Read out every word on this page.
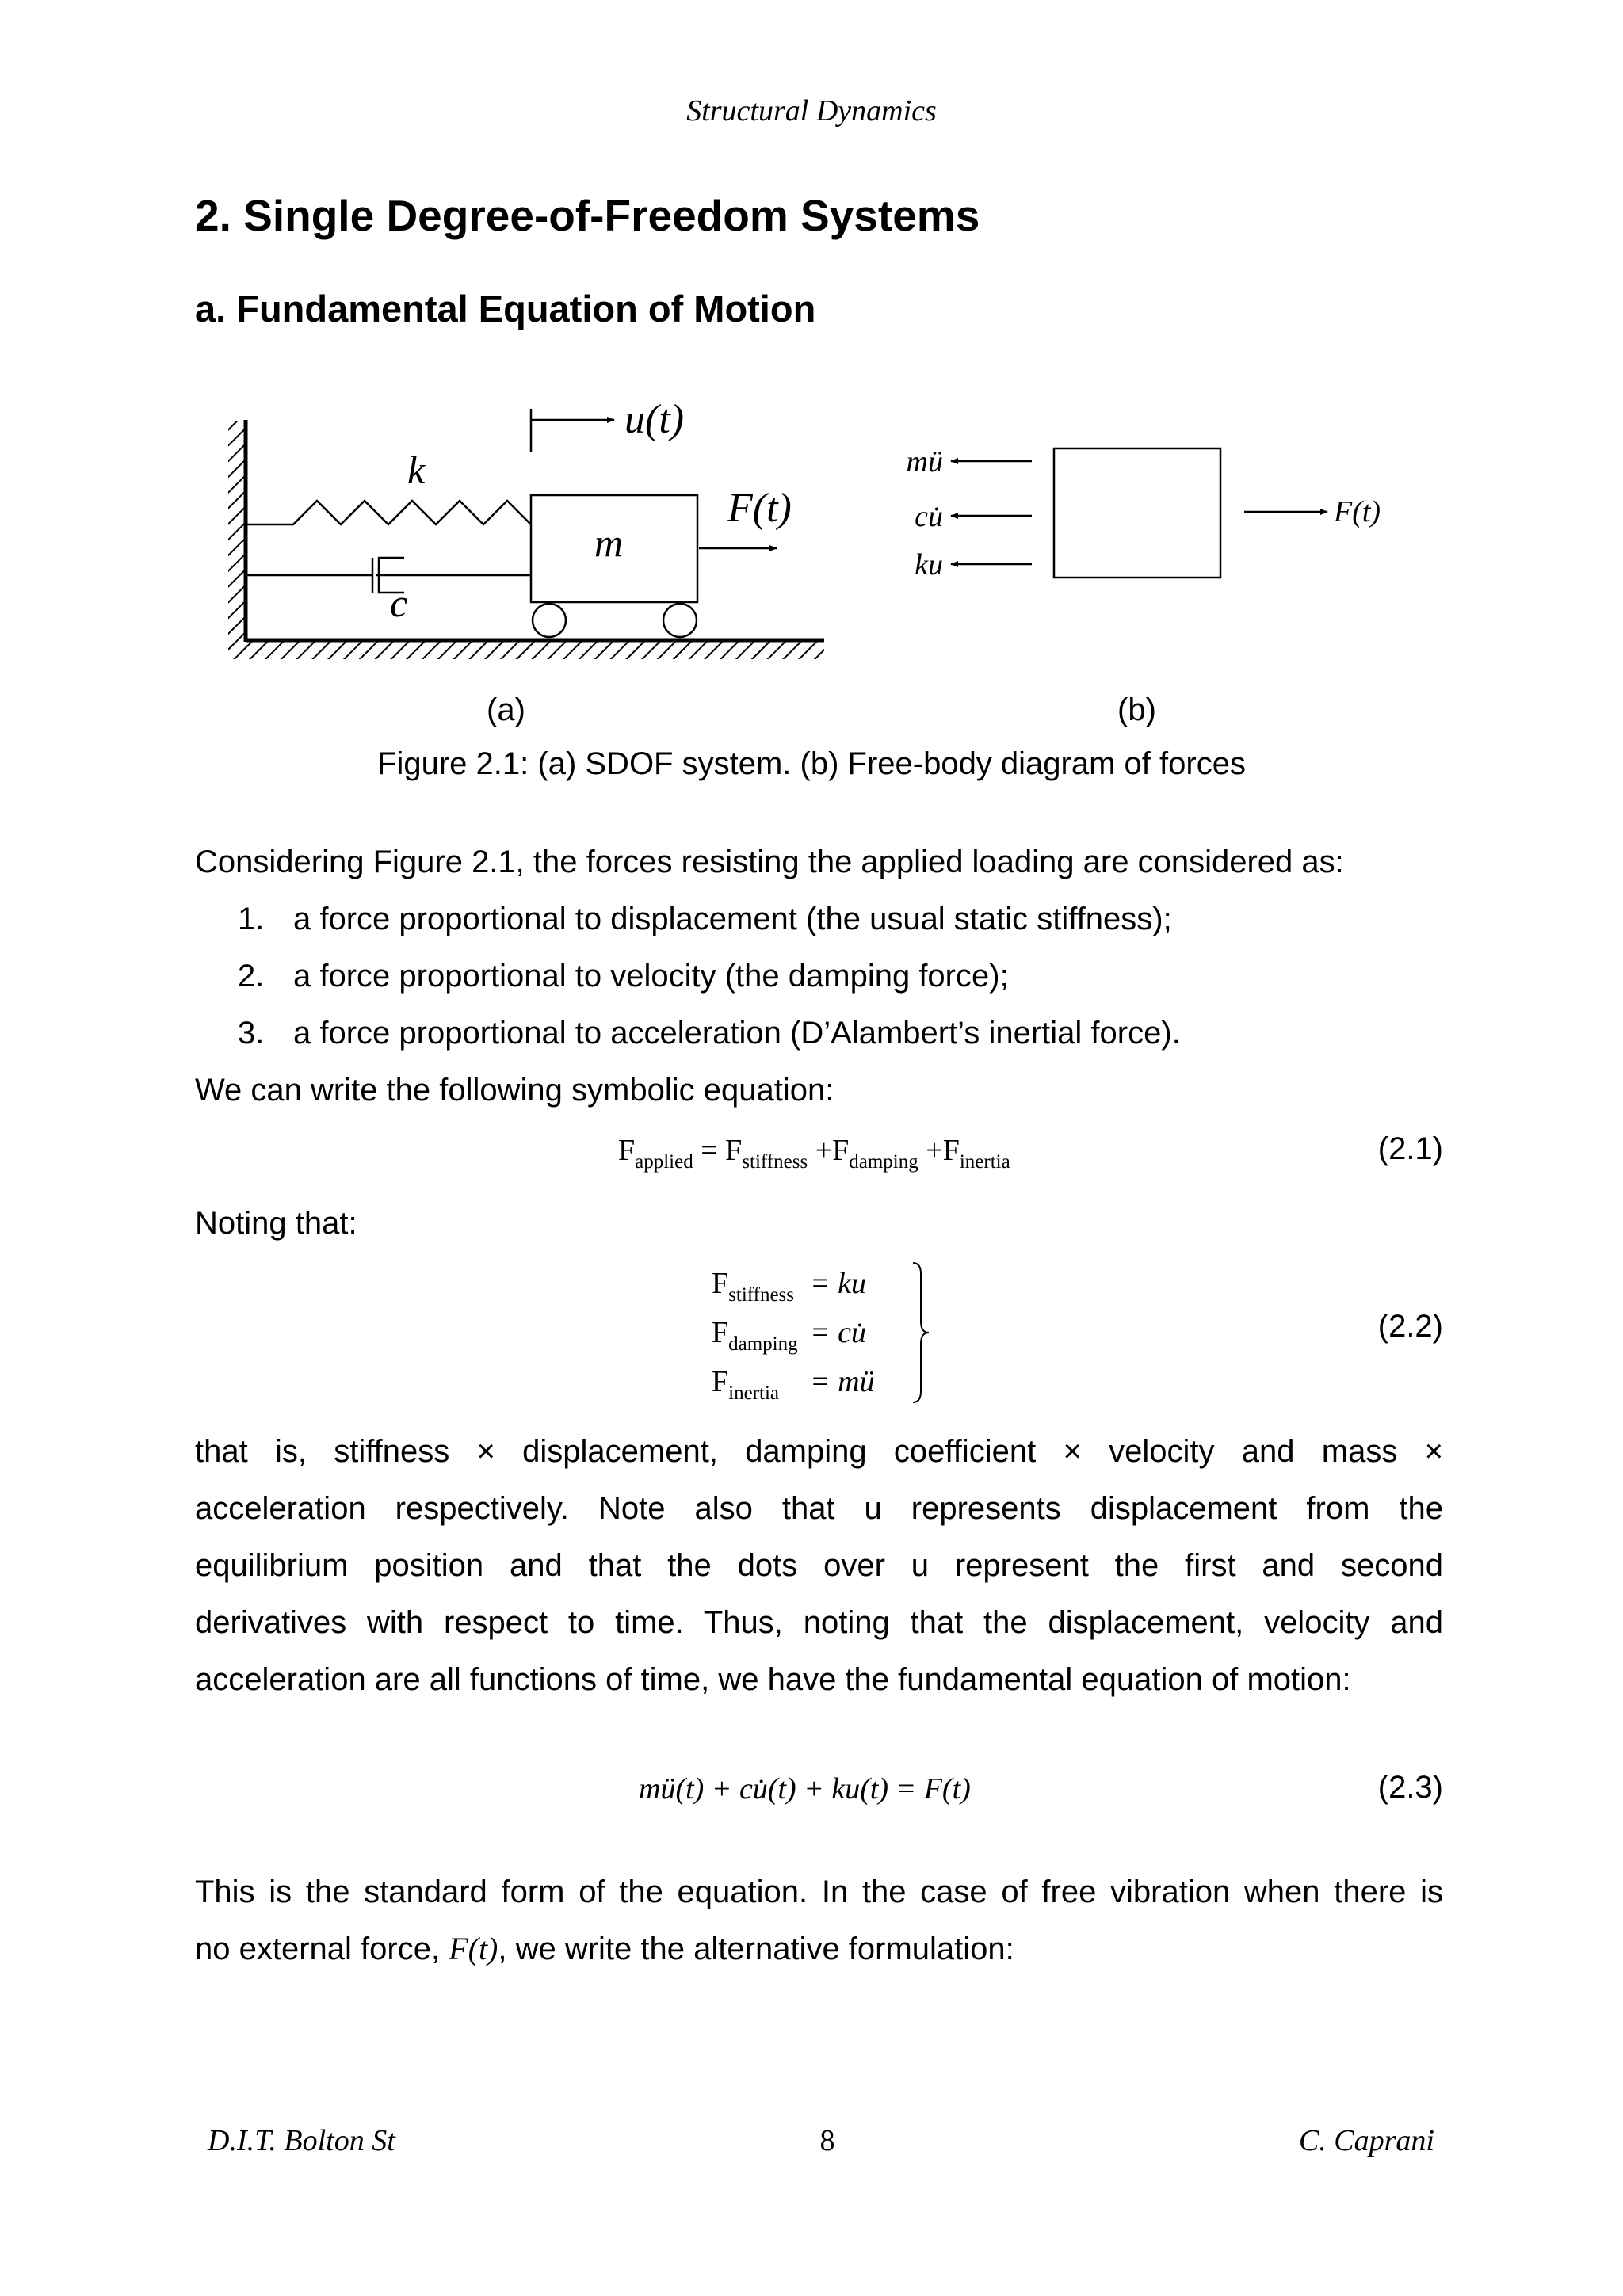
Structural Dynamics
2. Single Degree-of-Freedom Systems
a. Fundamental Equation of Motion
u(t)
k
c
m
F(t)
mü
cu̇
ku
F(t)
(a)	(b)
Figure 2.1: (a) SDOF system. (b) Free-body diagram of forces
Considering Figure 2.1, the forces resisting the applied loading are considered as:
1. a force proportional to displacement (the usual static stiffness);
2. a force proportional to velocity (the damping force);
3. a force proportional to acceleration (D’Alambert’s inertial force).
We can write the following symbolic equation:
$F_{applied} = F_{stiffness} +F_{damping} +F_{inertia}$	(2.1)
Noting that:
$F_{stiffness}$ = ku
$F_{damping}$ = cu̇
$F_{inertia}$ = mü
(2.2)
that is, stiffness × displacement, damping coefficient × velocity and mass ×
acceleration respectively. Note also that u represents displacement from the
equilibrium position and that the dots over u represent the first and second
derivatives with respect to time. Thus, noting that the displacement, velocity and
acceleration are all functions of time, we have the fundamental equation of motion:
mü(t) + cu̇(t) + ku(t) = F(t)	(2.3)
This is the standard form of the equation. In the case of free vibration when there is
no external force, F(t), we write the alternative formulation:
D.I.T. Bolton St	8	C. Caprani
